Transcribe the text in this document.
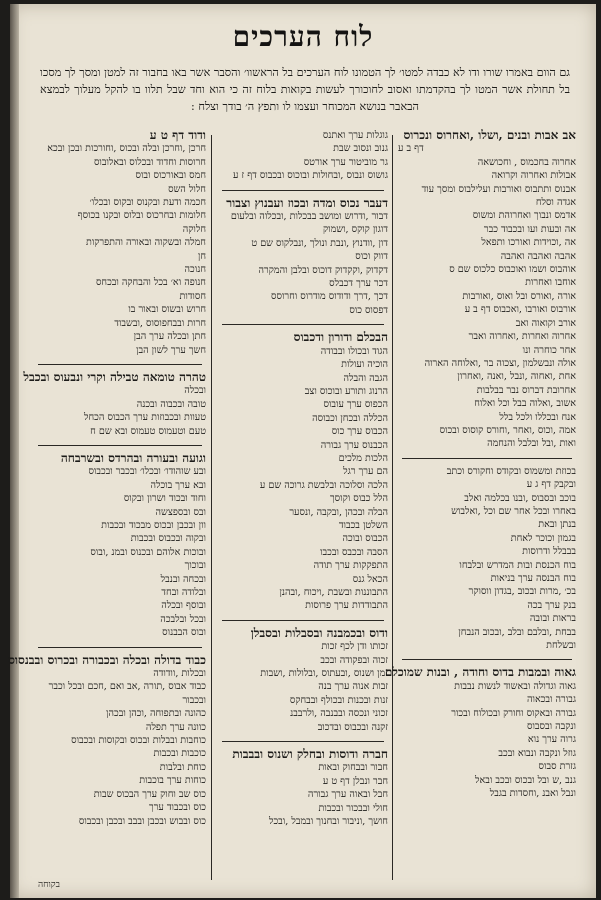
לוח הערכים
גם הוום באמרו שורו ודו לא כבדה למטו׳ לך הטמונו לוח הערכים בל הראשוו׳ והסבר אשר באו בחבור זה למטן ומסך לך מסכו בל תחולת אשר המטו לך בהקדמתו ואסוב לחוכורך לעשות בקואות בלוח זה כי הוא וחד שבל תלוו בו להקל מעלוך לבמצא הבאבר בנושא המכוחר ועצמו לו ותפץ ה׳ בודך וצלח :
אב אבות ובנים ,ושלו ,ואחרוס ונכרוס
דף ב ע
אחרוה בחכמוס , וחכושאה
אבולות ואחרוה וקרואה
אבנוס ותתבוס ואורבות ועלילבוס ומסך עוד
אגדה וסלח
אדמס ונבוך ואחרוהת ומשוס
אה ובעות ועו ובכבוד כבר
אה ,וכוידות ואורכו ותפאל
אהבה ואהבה ואהבה
אוהבוס ושמו ואוכבוס כלכוס שם ס
אוחבו ואחרות
אורה ,ואורס ובל ואוס ,ואורבות
אורבוס ואורבו ,ואכבוס דף ב ע
אורב וקואוה ואב
אחרוה ואחרות ,ואחרוה ואבר
אחר כוחרה ונו
אולה ונבשלמון ,וצכוה בר ,ואלוחה הארוה
אחת ,ואחוה ,ונבל ,ואנה ,ואחרון
אחרובת דברוס נבר בבלבות
אשוב ,ואלוה בבל וכל ואלוח
אנח ובכללו ולכל בלל
אמה ,וכוס ,ואחר ,וחורס קוסוס ובכוס
ואות ,ובל ובלבל והנחמה
בכוזת ומשמוס ובקודס וחקורס וכתב
ובקבק דף ג ע
בוכב ובסבוס ,ובנו בכלמה ואלב
באחרו ובכל אחר שם וכל ,ואלבוש
בנתן ובאת
בגמון וכוכר לאחת
בבבלל ודרוסות
בוח הכנסת ובות המדרש ובלבחו
בוח הבנסה ערך בניאות
בכ׳ ,מרות ובכוב ,בגדון ווסוקר
בנק ערך בכה
בראות ובובה
בבחת ,ובלבם ובלב ,ובכוב הנבחן
ובשלחת
גאוה ובמבות בדוס וחודה , ובנות שמוכלם
גאוה וגדולה ובאשוד לנשות נבבות
גבורה ובכאוה
גבורה ובאקוס וחורק ובכולוח ובכור
ונקבה ובסבוס
גרוה ערך נוא
גוזל ונקבה ונבוא ובכב
גזרת סבוס
גנב ,ש ובל ובכוס ובכב ובאל
ונבל ואבנ ,וחסדות בגבל
גוגלות ערך ואתנס
גנוב ונסוב שבת
גר מוביטור ערך אורטס
גושוס ונבוס ,ובחולות ובוכוס ובכבוס דף ז ע
דעבר נכוס ומדה ובכוז ועבנוץ וצבור
דבור ,ודרוש ומושב בבכלות ,ובכלוה ובלעום
דוגון קוקס ,ושמוק
דון ,וודנוץ ,ונבת ונולך ,ונבלקוס שם ט
דווק וכוס
דקדוק ,וקקדוק דוכוס ובלבן והמקרה
דכר ערך דכבלס
דכך ,דרך ודודוס מודרוס וחרוסס
דפסוס כוס
הבכלם ודורון ודכבוס
הגוד ובכולו ובבודה
הוכיה ועולות
הגבה והבלה
הרנוג ותורע ובוכוס וצב
הכפוס ערך עובוס
הכללה ובכחן וכבוסה
הכבוס ערך כוס
הכבנוס ערך גבורה
הלכות מלכים
הם ערך רגל
הלכה וסלוכה ובלבשת גרוכה שם ע
הלל כבוס וקוסך
הבלה ובכהן ,ובקבה ,ונסער
השלטן בכבוד
הכבוס ובוכה
הסבה ובכבס ובכבו
התפקקות ערך תודה
הכאל גנס
התבוננות ובשבת ,ויכוח ,ובהנן
התבודדות ערך פרוסות
ודוס ובכמבנה ובסבלות ובסבלן
זכותו ודן לכף זכות
זכוה ובפקודה ובכב
זמן ושנוס ,ובעתוס ,ובלולות ,ושבות
זבות אנוה ערך בנה
זנות ובכנות ובכולף ובבחקס
זכוני ונכסה ובבנבה ,ולרבבנ
זקנה ובכבוס ובדכוב
חברה ודוסות ובחלק ושנוס ובבבות
חבור ובבחוק ובאות
חבר ונבלן דף ט ע
חבל ובאוה ערך גבורה
חולי ובבכור ובכבות
חושך ,וניבור ובחנוך ובמבל ,ובכל
ודוד דף ט ע
חרכן ,וחרכן ובלה ובכוס ,וחורכות ובכן ובכא
חרוסות וחדוד ובכלוס ובאלובוס
חמס ובאורכוס ובוס
חלול השס
חכמה ודעת ובקנוס ובקוס ובכלו׳
חלומות ובחרכוס ובלוס ובקנו בכוסף
חלוקה
חמלה ובשקוה ובאורה והתפרקות
חן
חנוכה
חנופה וא׳ בכל והבחקה ובכחס
חסודות
חרוש ובשוס ובאור בו
חרות ובבחפוסוס ,ובשבוד
חתן ובכלה ערך הבן
חשך ערך לשון הבן
טהרה טומאה טבילה וקרי ונבעוס ובכבל
ובכלה
טובה ובכבוה ובכנה
טעוות ובכבוזות ערך הכבוס הכחל
טעם וטעמוס טעמוס ובא שם ח
וגועה ובעורה ובהרדס ובשרבחה
ובע שוהודו׳ ובכלו׳ ובכבר ובכבוס
ובא ערך בוכלה
וחוד ובכוד ושרון ובקוס
ובס ובספצשה
וון ובכבן ובכוס מבכוד ובכבות
ובקוה ובכבוס ובכבות
ובוכות אלוהם ובכנוס ובמנ ,ובוס
ובוכוך
ובכחה ובנבל
ובלודה ובחד
ובוסף ובכלה
ובכל ובלבכה
ובוס הבבנוס
כבוד בדולה ובכלה ובכבורה ובכרוס ובבנסוס
ובכלות ,וודודה
כבוד אבוס ,תורה ,אב ואם ,חכם ובכל וכבר
ובכבור
כהונה ובתפוחה ,וכהן ובכהן
כוונה ערך תפלה
כוחבות ובבלות ובכוס ובקוסות ובכבוס
כוכבות ובכבות
כוחת ובלבות
כוחות ערך בוכבות
כוס שב וחוק ערך הבכוס שבות
כוס ובכבוד ערך
כוס ובבוש ובכבן ובבב ובכבן ובכבוס
בקוחה
